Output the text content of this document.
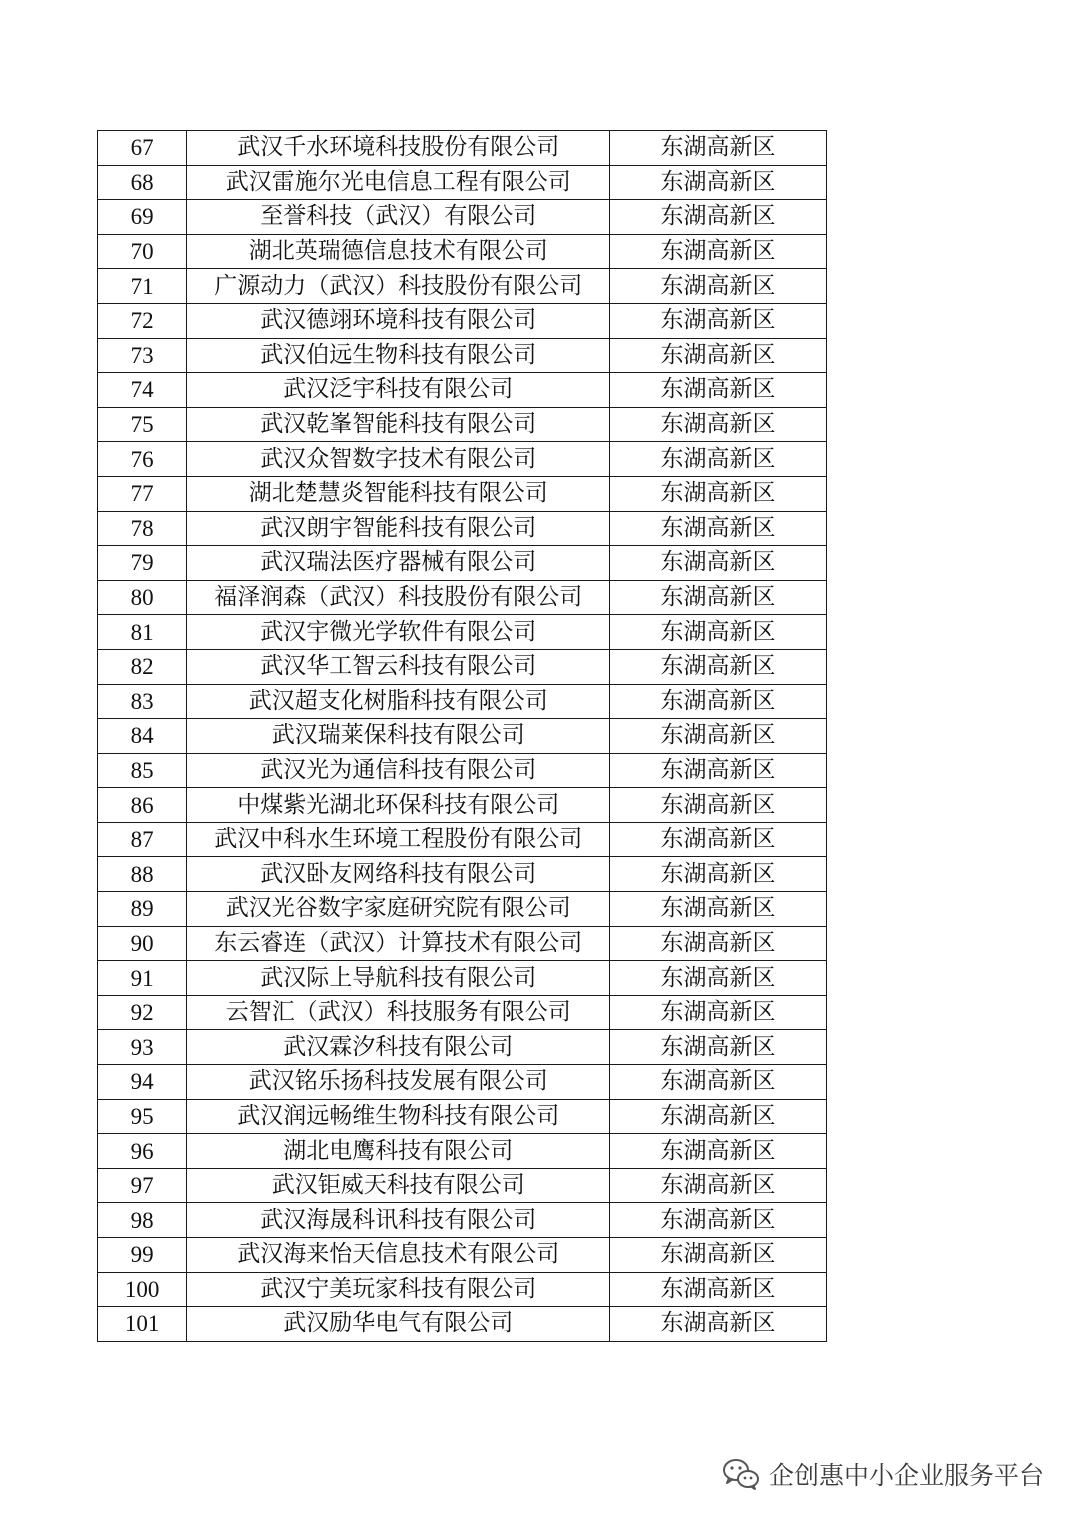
67	武汉千水环境科技股份有限公司	东湖高新区
68	武汉雷施尔光电信息工程有限公司	东湖高新区
69	至誉科技（武汉）有限公司	东湖高新区
70	湖北英瑞德信息技术有限公司	东湖高新区
71	广源动力（武汉）科技股份有限公司	东湖高新区
72	武汉德翊环境科技有限公司	东湖高新区
73	武汉伯远生物科技有限公司	东湖高新区
74	武汉泛宇科技有限公司	东湖高新区
75	武汉乾峯智能科技有限公司	东湖高新区
76	武汉众智数字技术有限公司	东湖高新区
77	湖北楚慧炎智能科技有限公司	东湖高新区
78	武汉朗宇智能科技有限公司	东湖高新区
79	武汉瑞法医疗器械有限公司	东湖高新区
80	福泽润森（武汉）科技股份有限公司	东湖高新区
81	武汉宇微光学软件有限公司	东湖高新区
82	武汉华工智云科技有限公司	东湖高新区
83	武汉超支化树脂科技有限公司	东湖高新区
84	武汉瑞莱保科技有限公司	东湖高新区
85	武汉光为通信科技有限公司	东湖高新区
86	中煤紫光湖北环保科技有限公司	东湖高新区
87	武汉中科水生环境工程股份有限公司	东湖高新区
88	武汉卧友网络科技有限公司	东湖高新区
89	武汉光谷数字家庭研究院有限公司	东湖高新区
90	东云睿连（武汉）计算技术有限公司	东湖高新区
91	武汉际上导航科技有限公司	东湖高新区
92	云智汇（武汉）科技服务有限公司	东湖高新区
93	武汉霖汐科技有限公司	东湖高新区
94	武汉铭乐扬科技发展有限公司	东湖高新区
95	武汉润远畅维生物科技有限公司	东湖高新区
96	湖北电鹰科技有限公司	东湖高新区
97	武汉钜威天科技有限公司	东湖高新区
98	武汉海晟科讯科技有限公司	东湖高新区
99	武汉海来怡天信息技术有限公司	东湖高新区
100	武汉宁美玩家科技有限公司	东湖高新区
101	武汉励华电气有限公司	东湖高新区
企创惠中小企业服务平台
